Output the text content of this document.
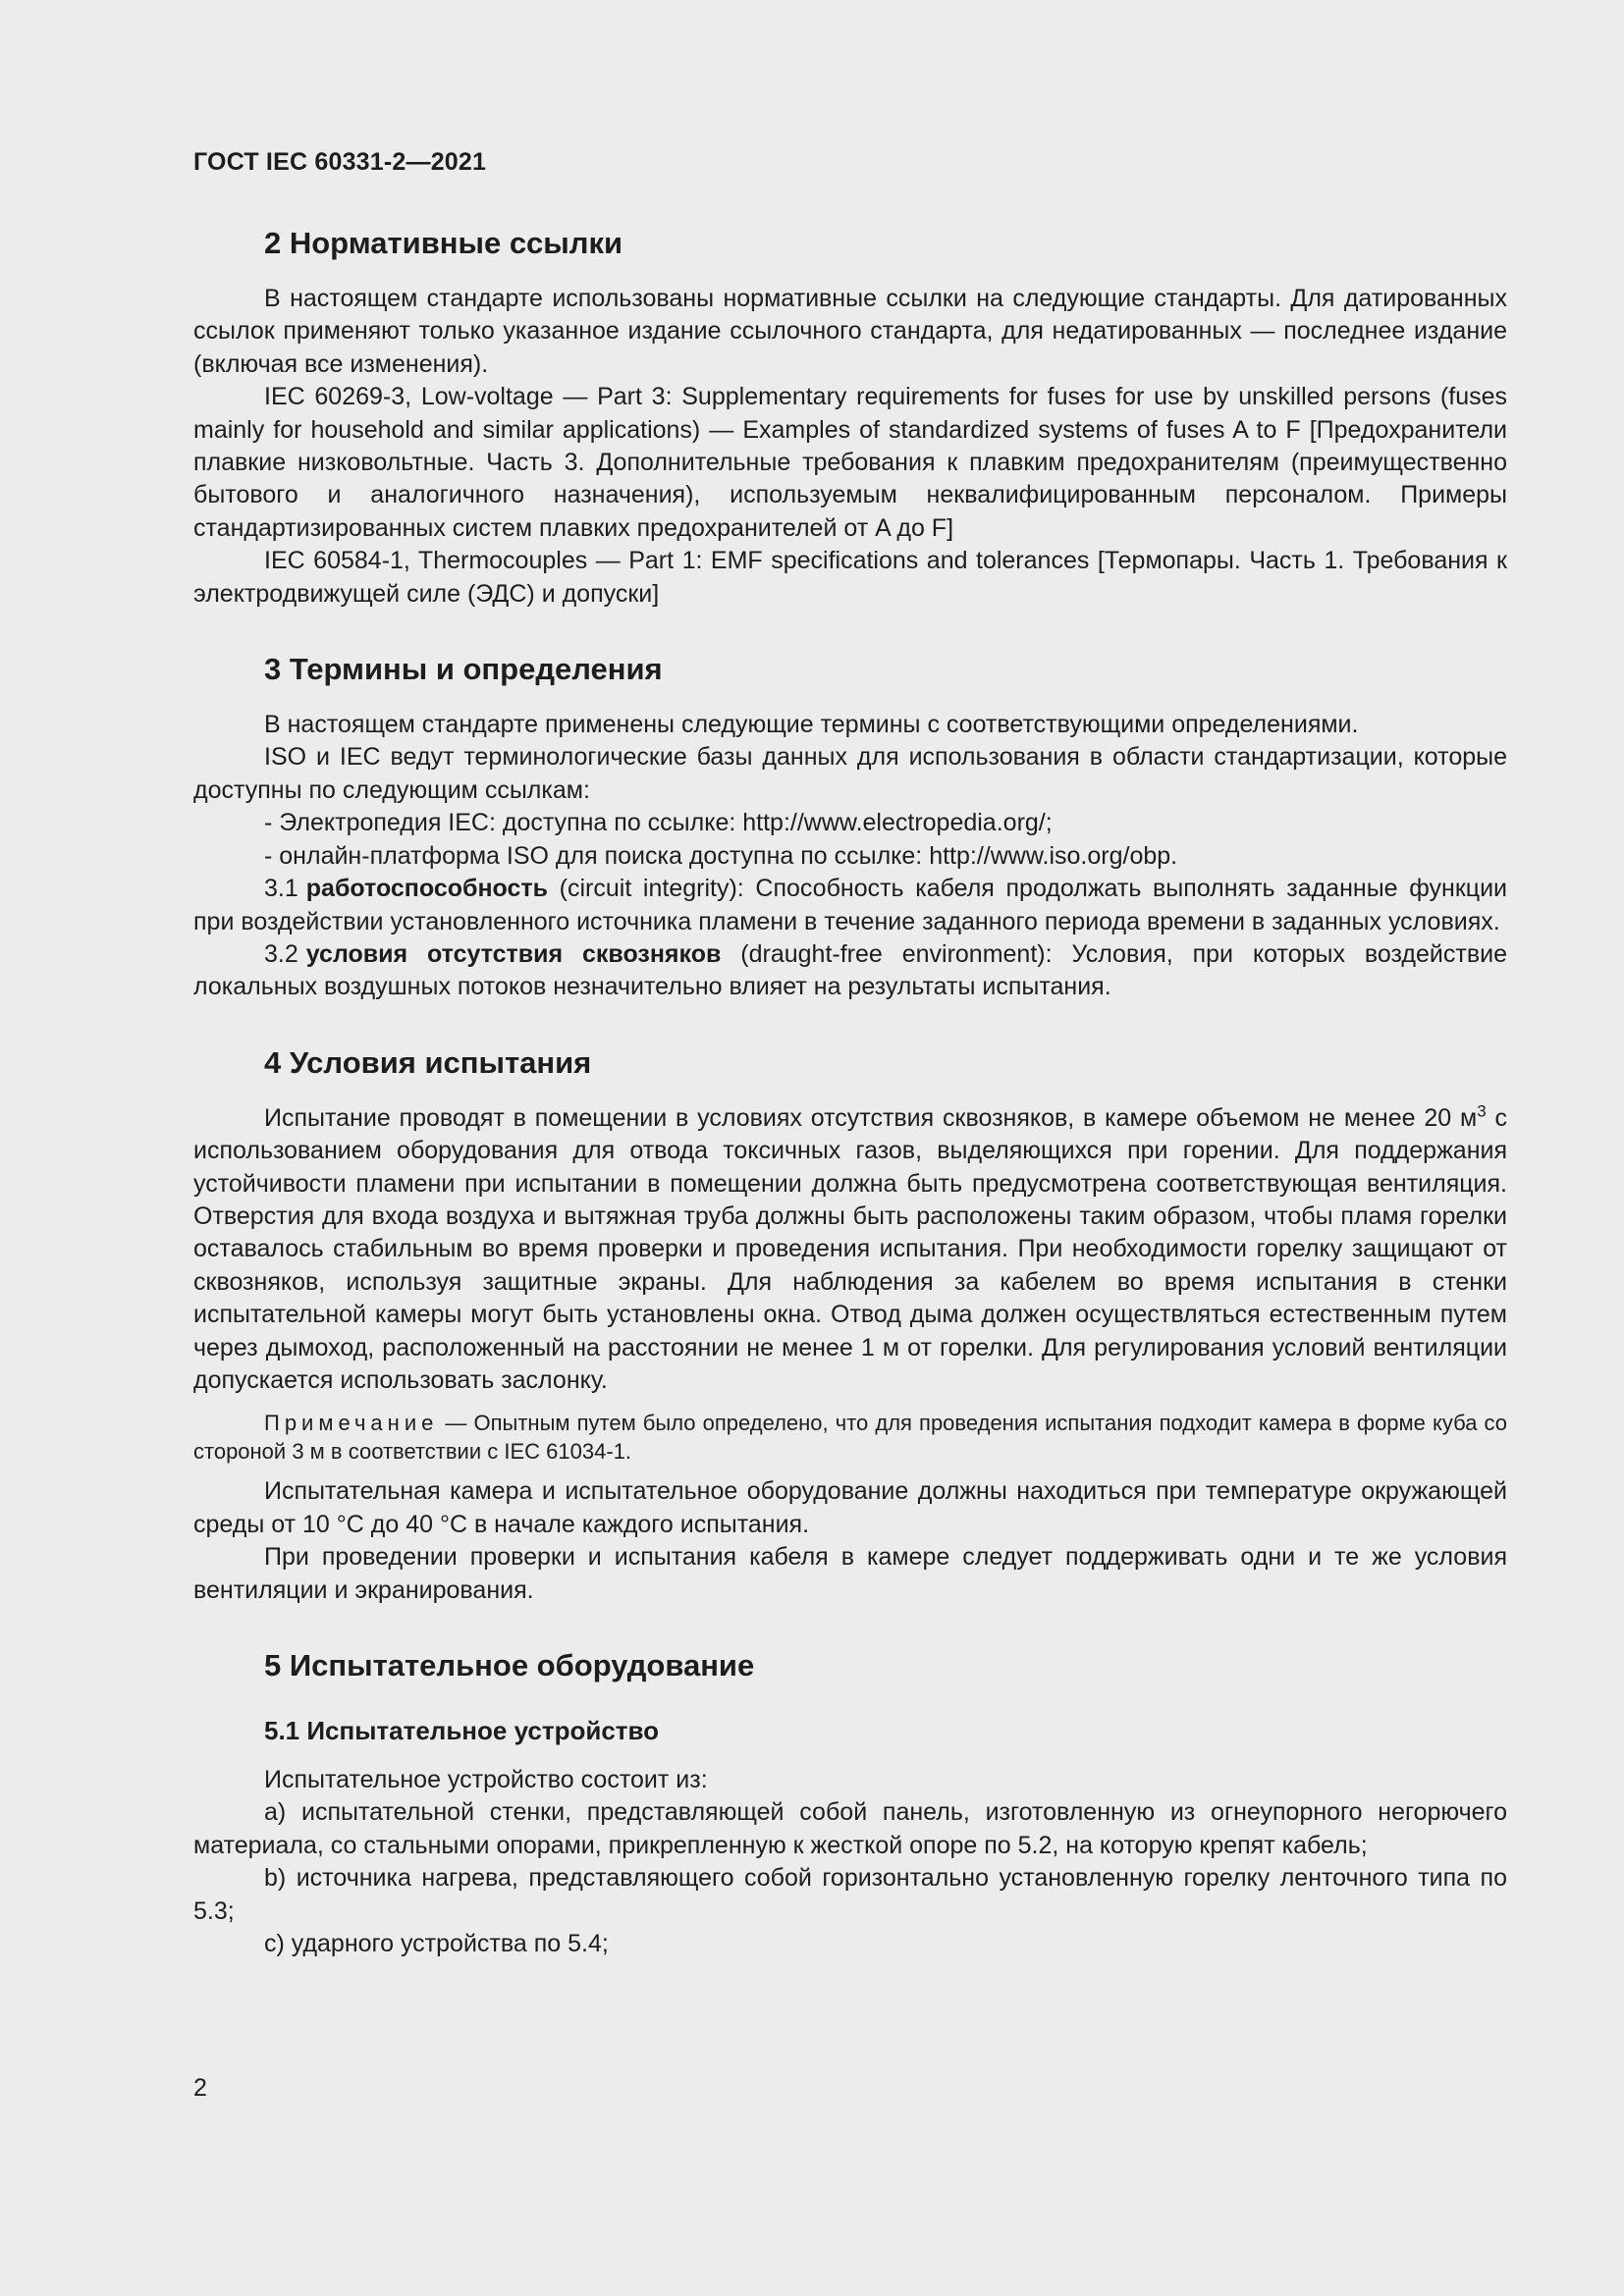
ГОСТ IEC 60331-2—2021
2 Нормативные ссылки

В настоящем стандарте использованы нормативные ссылки на следующие стандарты. Для датированных ссылок применяют только указанное издание ссылочного стандарта, для недатированных — последнее издание (включая все изменения).

IEC 60269-3, Low-voltage — Part 3: Supplementary requirements for fuses for use by unskilled persons (fuses mainly for household and similar applications) — Examples of standardized systems of fuses A to F [Предохранители плавкие низковольтные. Часть 3. Дополнительные требования к плавким предохранителям (преимущественно бытового и аналогичного назначения), используемым неквалифицированным персоналом. Примеры стандартизированных систем плавких предохранителей от A до F]

IEC 60584-1, Thermocouples — Part 1: EMF specifications and tolerances [Термопары. Часть 1. Требования к электродвижущей силе (ЭДС) и допуски]

3 Термины и определения

В настоящем стандарте применены следующие термины с соответствующими определениями.

ISO и IEC ведут терминологические базы данных для использования в области стандартизации, которые доступны по следующим ссылкам:

- Электропедия IEC: доступна по ссылке: http://www.electropedia.org/;

- онлайн-платформа ISO для поиска доступна по ссылке: http://www.iso.org/obp.

3.1 работоспособность (circuit integrity): Способность кабеля продолжать выполнять заданные функции при воздействии установленного источника пламени в течение заданного периода времени в заданных условиях.

3.2 условия отсутствия сквозняков (draught-free environment): Условия, при которых воздействие локальных воздушных потоков незначительно влияет на результаты испытания.

4 Условия испытания

Испытание проводят в помещении в условиях отсутствия сквозняков, в камере объемом не менее 20 $м^3$ с использованием оборудования для отвода токсичных газов, выделяющихся при горении. Для поддержания устойчивости пламени при испытании в помещении должна быть предусмотрена соответствующая вентиляция. Отверстия для входа воздуха и вытяжная труба должны быть расположены таким образом, чтобы пламя горелки оставалось стабильным во время проверки и проведения испытания. При необходимости горелку защищают от сквозняков, используя защитные экраны. Для наблюдения за кабелем во время испытания в стенки испытательной камеры могут быть установлены окна. Отвод дыма должен осуществляться естественным путем через дымоход, расположенный на расстоянии не менее 1 м от горелки. Для регулирования условий вентиляции допускается использовать заслонку.

Примечание — Опытным путем было определено, что для проведения испытания подходит камера в форме куба со стороной 3 м в соответствии с IEC 61034-1.

Испытательная камера и испытательное оборудование должны находиться при температуре окружающей среды от 10 °С до 40 °С в начале каждого испытания.

При проведении проверки и испытания кабеля в камере следует поддерживать одни и те же условия вентиляции и экранирования.

5 Испытательное оборудование
5.1 Испытательное устройство

Испытательное устройство состоит из:

а) испытательной стенки, представляющей собой панель, изготовленную из огнеупорного негорючего материала, со стальными опорами, прикрепленную к жесткой опоре по 5.2, на которую крепят кабель;

b) источника нагрева, представляющего собой горизонтально установленную горелку ленточного типа по 5.3;

с) ударного устройства по 5.4;

2
